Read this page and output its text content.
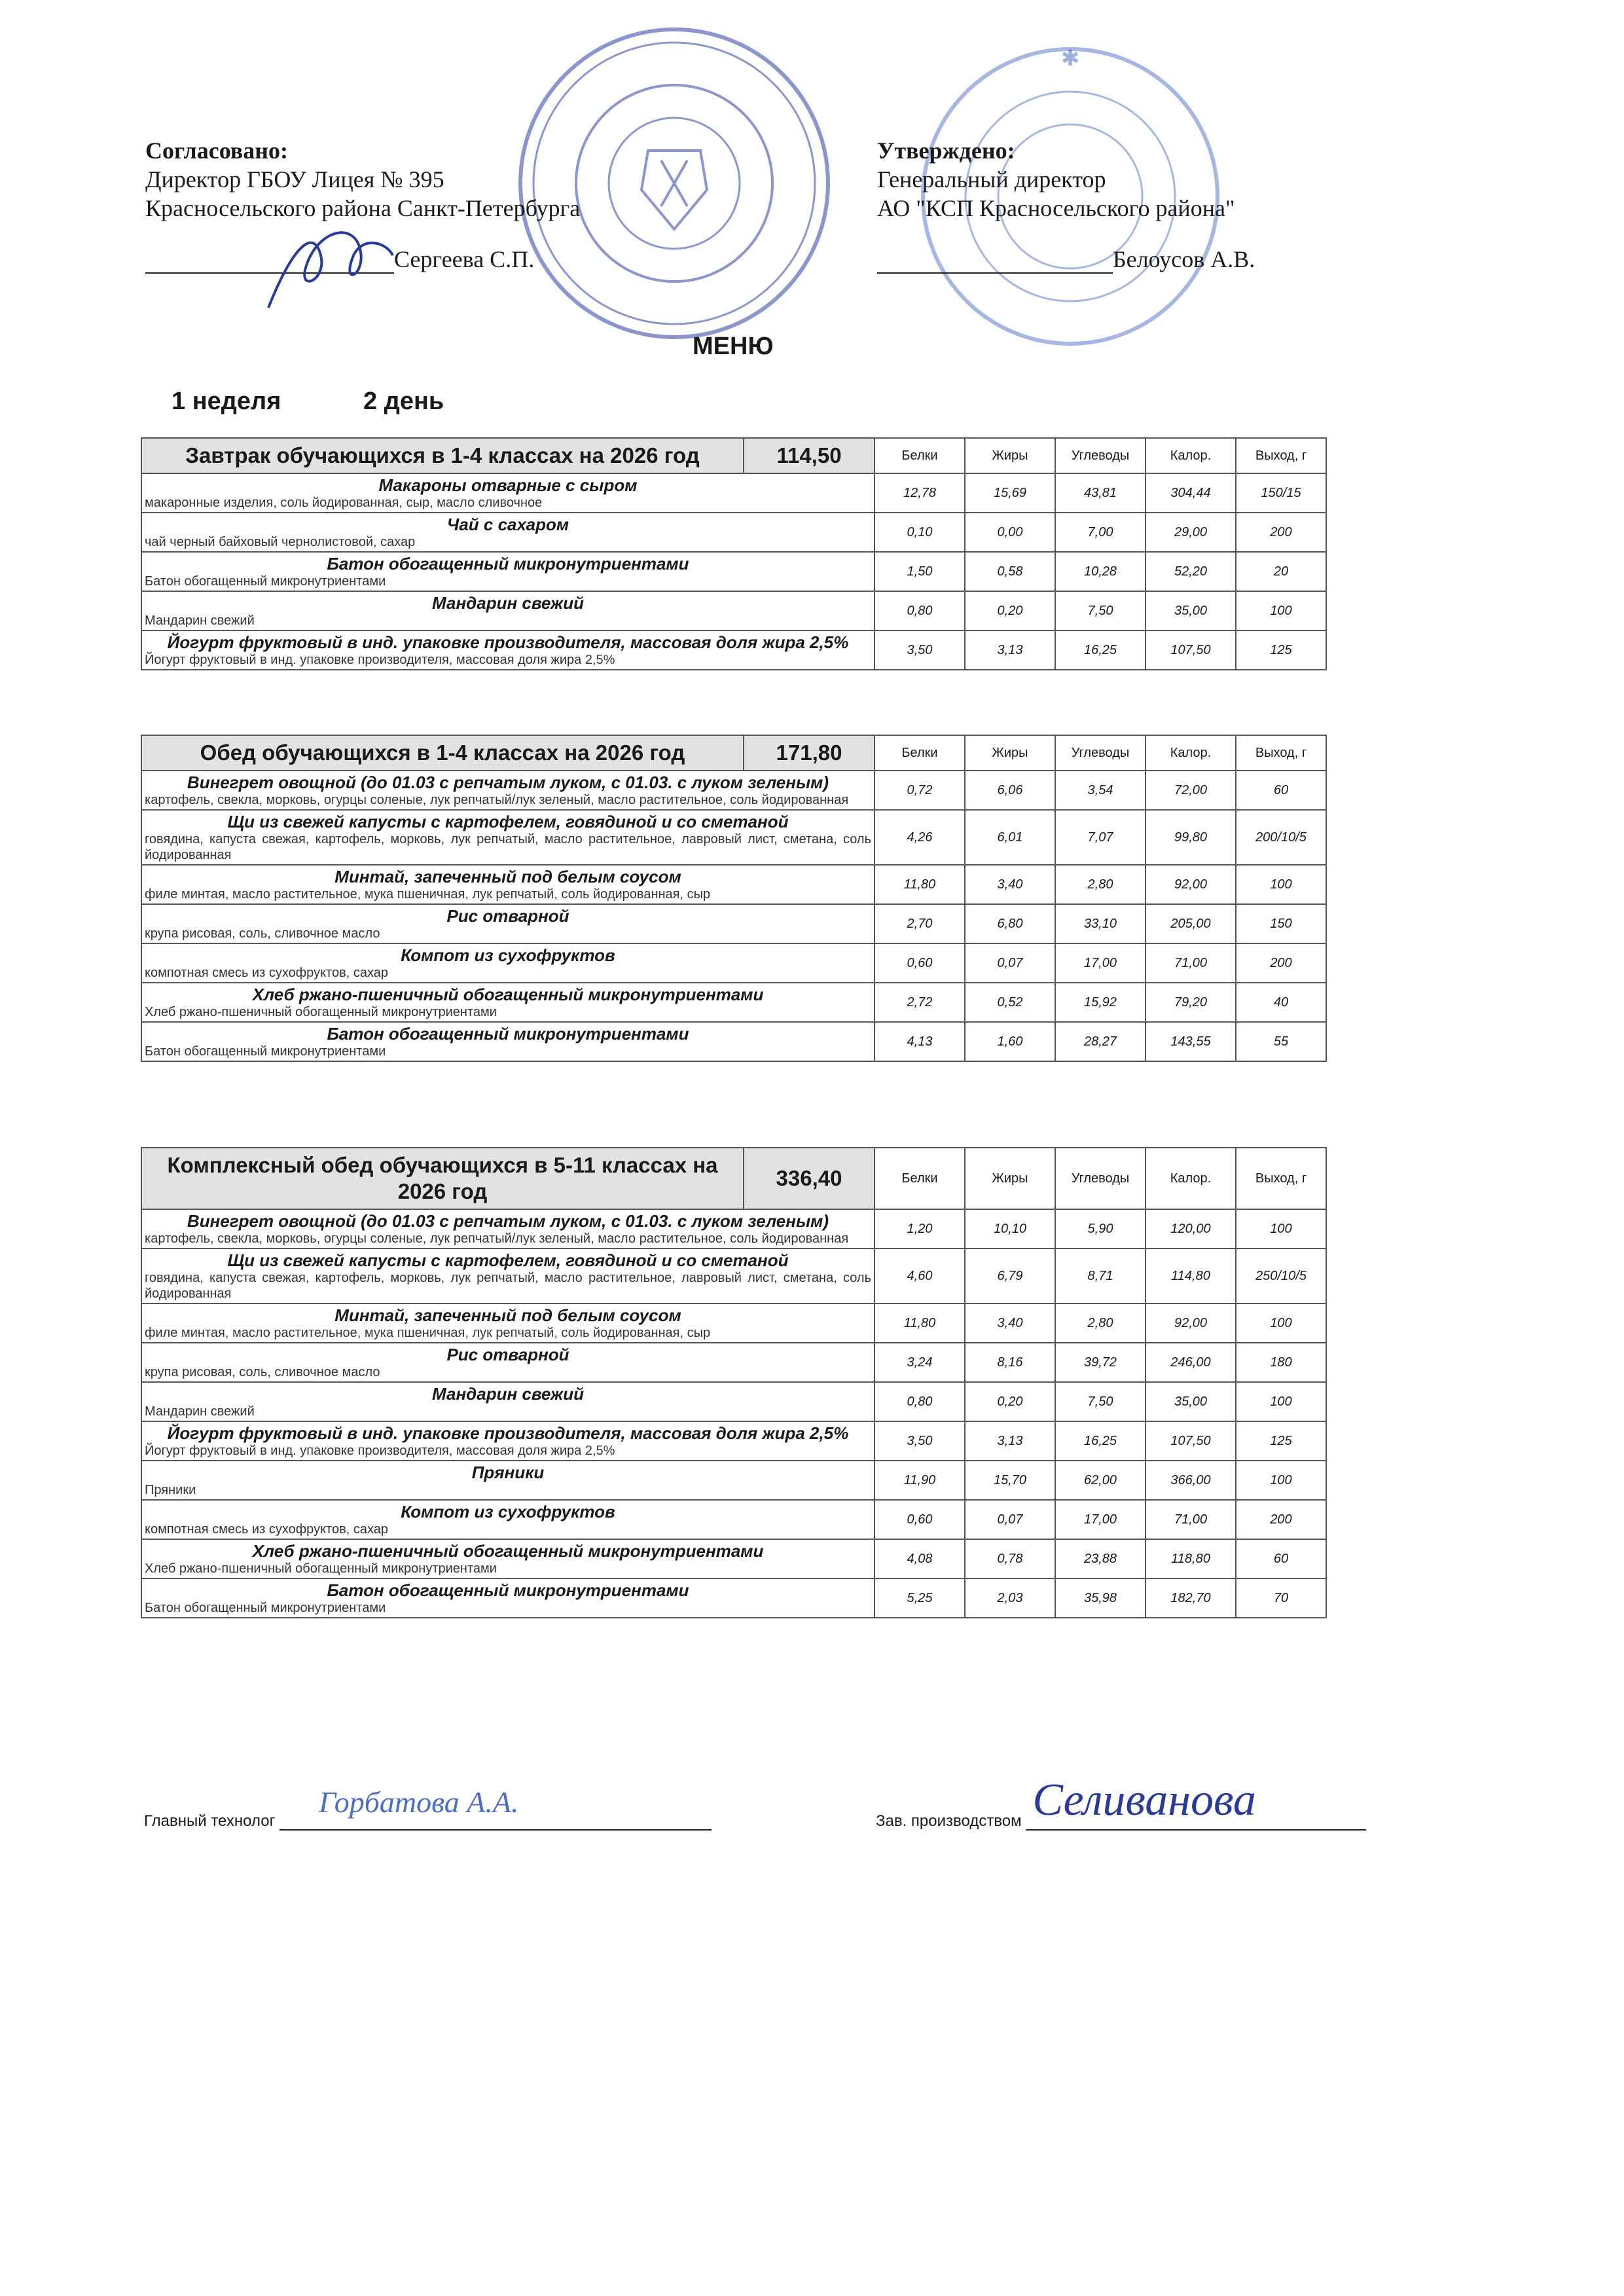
✱
Согласовано:
Директор ГБОУ Лицея № 395
Красносельского района Санкт-Петербурга
Сергеева С.П.
Утверждено:
Генеральный директор
АО "КСП Красносельского района"
Белоусов А.В.
МЕНЮ
1 неделя	2 день
Завтрак обучающихся в 1-4 классах на 2026 год	114,50	Белки	Жиры	Углеводы	Калор.	Выход, г

Макароны отварные с сыром
макаронные изделия, соль йодированная, сыр, масло сливочное		12,78	15,69	43,81	304,44	150/15

Чай с сахаром
чай черный байховый чернолистовой, сахар		0,10	0,00	7,00	29,00	200

Батон обогащенный микронутриентами
Батон обогащенный микронутриентами		1,50	0,58	10,28	52,20	20

Мандарин свежий
Мандарин свежий		0,80	0,20	7,50	35,00	100

Йогурт фруктовый в инд. упаковке производителя, массовая доля жира 2,5%
Йогурт фруктовый в инд. упаковке производителя, массовая доля жира 2,5%		3,50	3,13	16,25	107,50	125
Обед обучающихся в 1-4 классах на 2026 год	171,80	Белки	Жиры	Углеводы	Калор.	Выход, г

Винегрет овощной (до 01.03 с репчатым луком, с 01.03. с луком зеленым)
картофель, свекла, морковь, огурцы соленые, лук репчатый/лук зеленый, масло растительное, соль йодированная		0,72	6,06	3,54	72,00	60

Щи из свежей капусты с картофелем, говядиной и со сметаной
говядина, капуста свежая, картофель, морковь, лук репчатый, масло растительное, лавровый лист, сметана, соль йодированная		4,26	6,01	7,07	99,80	200/10/5

Минтай, запеченный под белым соусом
филе минтая, масло растительное, мука пшеничная, лук репчатый, соль йодированная, сыр		11,80	3,40	2,80	92,00	100

Рис отварной
крупа рисовая, соль, сливочное масло		2,70	6,80	33,10	205,00	150

Компот из сухофруктов
компотная смесь из сухофруктов, сахар		0,60	0,07	17,00	71,00	200

Хлеб ржано-пшеничный обогащенный микронутриентами
Хлеб ржано-пшеничный обогащенный микронутриентами		2,72	0,52	15,92	79,20	40

Батон обогащенный микронутриентами
Батон обогащенный микронутриентами		4,13	1,60	28,27	143,55	55
Комплексный обед обучающихся в 5-11 классах на 2026 год	336,40	Белки	Жиры	Углеводы	Калор.	Выход, г

Винегрет овощной (до 01.03 с репчатым луком, с 01.03. с луком зеленым)
картофель, свекла, морковь, огурцы соленые, лук репчатый/лук зеленый, масло растительное, соль йодированная		1,20	10,10	5,90	120,00	100

Щи из свежей капусты с картофелем, говядиной и со сметаной
говядина, капуста свежая, картофель, морковь, лук репчатый, масло растительное, лавровый лист, сметана, соль йодированная		4,60	6,79	8,71	114,80	250/10/5

Минтай, запеченный под белым соусом
филе минтая, масло растительное, мука пшеничная, лук репчатый, соль йодированная, сыр		11,80	3,40	2,80	92,00	100

Рис отварной
крупа рисовая, соль, сливочное масло		3,24	8,16	39,72	246,00	180

Мандарин свежий
Мандарин свежий		0,80	0,20	7,50	35,00	100

Йогурт фруктовый в инд. упаковке производителя, массовая доля жира 2,5%
Йогурт фруктовый в инд. упаковке производителя, массовая доля жира 2,5%		3,50	3,13	16,25	107,50	125

Пряники
Пряники		11,90	15,70	62,00	366,00	100

Компот из сухофруктов
компотная смесь из сухофруктов, сахар		0,60	0,07	17,00	71,00	200

Хлеб ржано-пшеничный обогащенный микронутриентами
Хлеб ржано-пшеничный обогащенный микронутриентами		4,08	0,78	23,88	118,80	60

Батон обогащенный микронутриентами
Батон обогащенный микронутриентами		5,25	2,03	35,98	182,70	70
Главный технолог
Горбатова А.А.
Зав. производством Селиванова
